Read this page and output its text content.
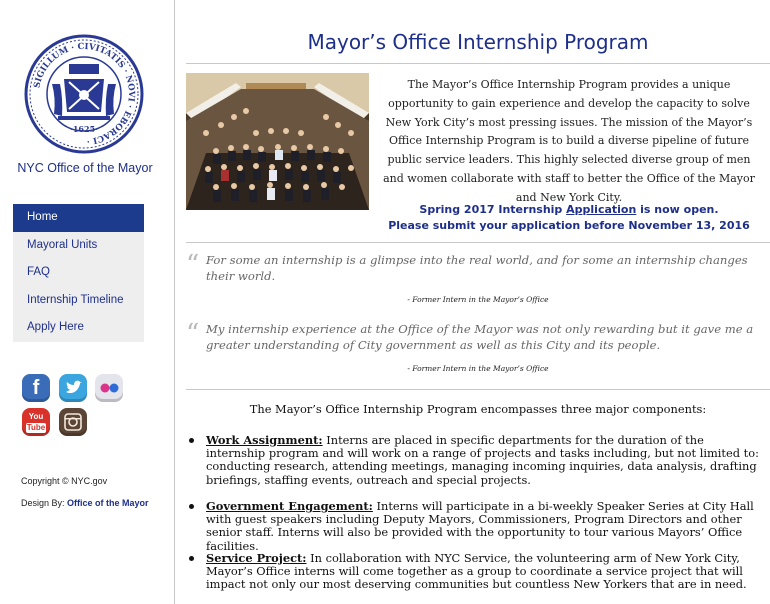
SIGILLUM · CIVITATIS · NOVI · EBORACI ·
·1625·
NYC Office of the Mayor
Home
Mayoral Units
FAQ
Internship Timeline
Apply Here
f
You
Tube
Copyright © NYC.gov
Design By: Office of the Mayor
Mayor’s Office Internship Program
The Mayor’s Office Internship Program provides a unique opportunity to gain experience and develop the capacity to solve New York City’s most pressing issues. The mission of the Mayor’s Office Internship Program is to build a diverse pipeline of future public service leaders. This highly selected diverse group of men and women collaborate with staff to better the Office of the Mayor and New York City.
Spring 2017 Internship Application is now open.
Please submit your application before November 13, 2016
“ For some an internship is a glimpse into the real world, and for some an internship changes their world.
- Former Intern in the Mayor’s Office
“ My internship experience at the Office of the Mayor was not only rewarding but it gave me a greater understanding of City government as well as this City and its people.
- Former Intern in the Mayor’s Office
The Mayor’s Office Internship Program encompasses three major components:
Work Assignment: Interns are placed in specific departments for the duration of the internship program and will work on a range of projects and tasks including, but not limited to: conducting research, attending meetings, managing incoming inquiries, data analysis, drafting briefings, staffing events, outreach and special projects.
Government Engagement: Interns will participate in a bi-weekly Speaker Series at City Hall with guest speakers including Deputy Mayors, Commissioners, Program Directors and other senior staff. Interns will also be provided with the opportunity to tour various Mayors’ Office facilities.
Service Project: In collaboration with NYC Service, the volunteering arm of New York City, Mayor’s Office interns will come together as a group to coordinate a service project that will impact not only our most deserving communities but countless New Yorkers that are in need.
